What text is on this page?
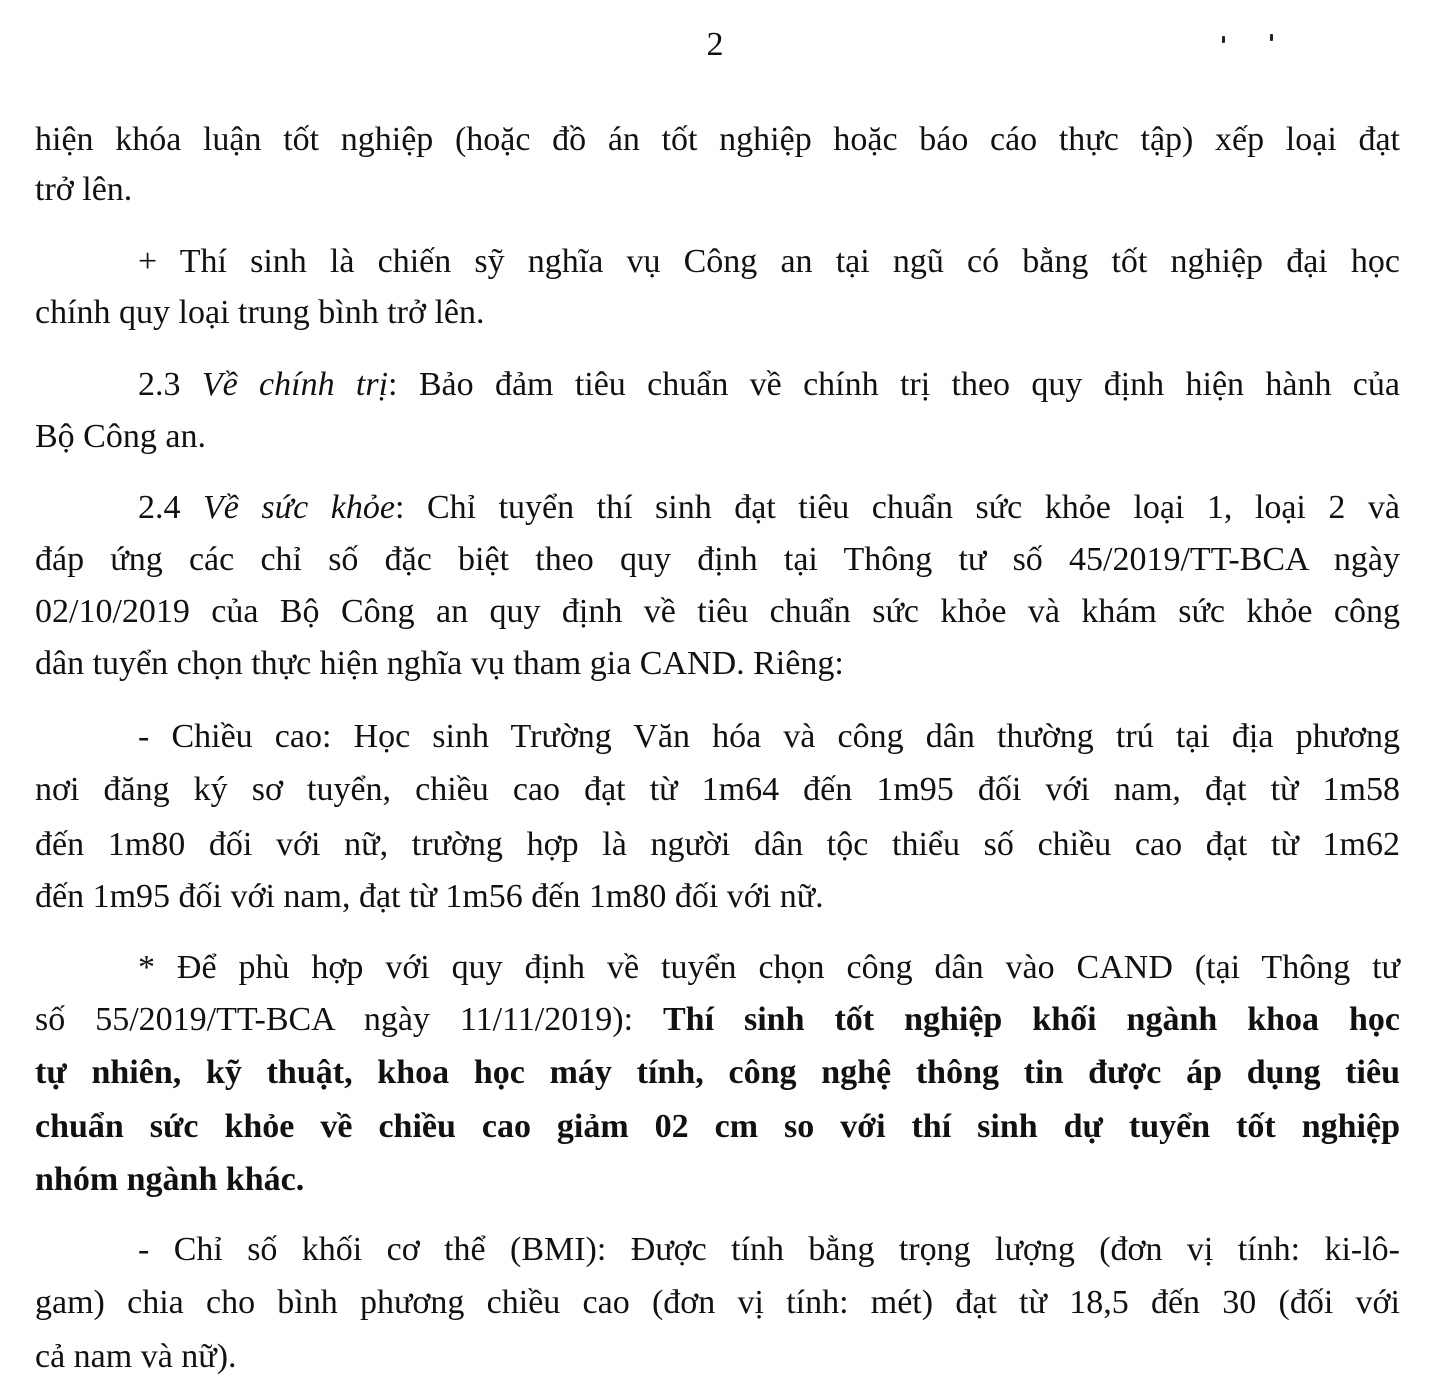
2
hiện khóa luận tốt nghiệp (hoặc đồ án tốt nghiệp hoặc báo cáo thực tập) xếp loại đạt
trở lên.
+ Thí sinh là chiến sỹ nghĩa vụ Công an tại ngũ có bằng tốt nghiệp đại học
chính quy loại trung bình trở lên.
2.3 Về chính trị: Bảo đảm tiêu chuẩn về chính trị theo quy định hiện hành của
Bộ Công an.
2.4 Về sức khỏe: Chỉ tuyển thí sinh đạt tiêu chuẩn sức khỏe loại 1, loại 2 và
đáp ứng các chỉ số đặc biệt theo quy định tại Thông tư số 45/2019/TT-BCA ngày
02/10/2019 của Bộ Công an quy định về tiêu chuẩn sức khỏe và khám sức khỏe công
dân tuyển chọn thực hiện nghĩa vụ tham gia CAND. Riêng:
- Chiều cao: Học sinh Trường Văn hóa và công dân thường trú tại địa phương
nơi đăng ký sơ tuyển, chiều cao đạt từ 1m64 đến 1m95 đối với nam, đạt từ 1m58
đến 1m80 đối với nữ, trường hợp là người dân tộc thiểu số chiều cao đạt từ 1m62
đến 1m95 đối với nam, đạt từ 1m56 đến 1m80 đối với nữ.
* Để phù hợp với quy định về tuyển chọn công dân vào CAND (tại Thông tư
số 55/2019/TT-BCA ngày 11/11/2019): Thí sinh tốt nghiệp khối ngành khoa học
tự nhiên, kỹ thuật, khoa học máy tính, công nghệ thông tin được áp dụng tiêu
chuẩn sức khỏe về chiều cao giảm 02 cm so với thí sinh dự tuyển tốt nghiệp
nhóm ngành khác.
- Chỉ số khối cơ thể (BMI): Được tính bằng trọng lượng (đơn vị tính: ki-lô-
gam) chia cho bình phương chiều cao (đơn vị tính: mét) đạt từ 18,5 đến 30 (đối với
cả nam và nữ).
